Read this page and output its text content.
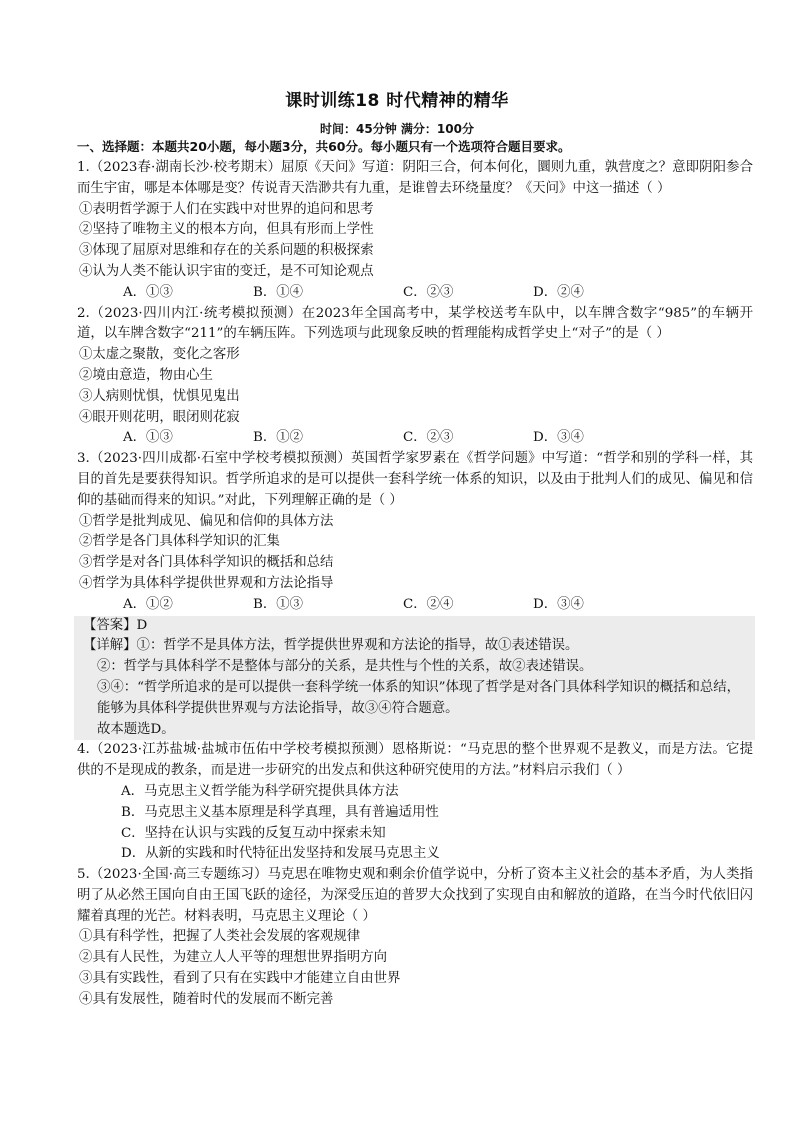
课时训练18 时代精神的精华
时间：45分钟 满分：100分
一、选择题：本题共20小题，每小题3分，共60分。每小题只有一个选项符合题目要求。

1.（2023春·湖南长沙·校考期末）屈原《天问》写道：阴阳三合，何本何化，圜则九重，孰营度之？意即阴阳参合而生宇宙，哪是本体哪是变？传说青天浩渺共有九重，是谁曾去环绕量度？《天问》中这一描述（ ）

①表明哲学源于人们在实践中对世界的追问和思考

②坚持了唯物主义的根本方向，但具有形而上学性

③体现了屈原对思维和存在的关系问题的积极探索

④认为人类不能认识宇宙的变迁，是不可知论观点

A．①③	B．①④	C．②③	D．②④

2.（2023·四川内江·统考模拟预测）在2023年全国高考中，某学校送考车队中，以车牌含数字“985”的车辆开道，以车牌含数字“211”的车辆压阵。下列选项与此现象反映的哲理能构成哲学史上“对子”的是（ ）

①太虚之聚散，变化之客形

②境由意造，物由心生

③人病则忧惧，忧惧见鬼出

④眼开则花明，眼闭则花寂

A．①③	B．①②	C．②③	D．③④

3.（2023·四川成都·石室中学校考模拟预测）英国哲学家罗素在《哲学问题》中写道：“哲学和别的学科一样，其目的首先是要获得知识。哲学所追求的是可以提供一套科学统一体系的知识，以及由于批判人们的成见、偏见和信仰的基础而得来的知识。”对此，下列理解正确的是（ ）

①哲学是批判成见、偏见和信仰的具体方法

②哲学是各门具体科学知识的汇集

③哲学是对各门具体科学知识的概括和总结

④哲学为具体科学提供世界观和方法论指导

A．①②	B．①③	C．②④	D．③④

【答案】D

【详解】①：哲学不是具体方法，哲学提供世界观和方法论的指导，故①表述错误。

②：哲学与具体科学不是整体与部分的关系，是共性与个性的关系，故②表述错误。

③④：“哲学所追求的是可以提供一套科学统一体系的知识”体现了哲学是对各门具体科学知识的概括和总结，能够为具体科学提供世界观与方法论指导，故③④符合题意。

故本题选D。

4.（2023·江苏盐城·盐城市伍佑中学校考模拟预测）恩格斯说：“马克思的整个世界观不是教义，而是方法。它提供的不是现成的教条，而是进一步研究的出发点和供这种研究使用的方法。”材料启示我们（ ）

A．马克思主义哲学能为科学研究提供具体方法

B．马克思主义基本原理是科学真理，具有普遍适用性

C．坚持在认识与实践的反复互动中探索未知

D．从新的实践和时代特征出发坚持和发展马克思主义

5.（2023·全国·高三专题练习）马克思在唯物史观和剩余价值学说中，分析了资本主义社会的基本矛盾，为人类指明了从必然王国向自由王国飞跃的途径，为深受压迫的普罗大众找到了实现自由和解放的道路，在当今时代依旧闪耀着真理的光芒。材料表明，马克思主义理论（ ）

①具有科学性，把握了人类社会发展的客观规律

②具有人民性，为建立人人平等的理想世界指明方向

③具有实践性，看到了只有在实践中才能建立自由世界

④具有发展性，随着时代的发展而不断完善
